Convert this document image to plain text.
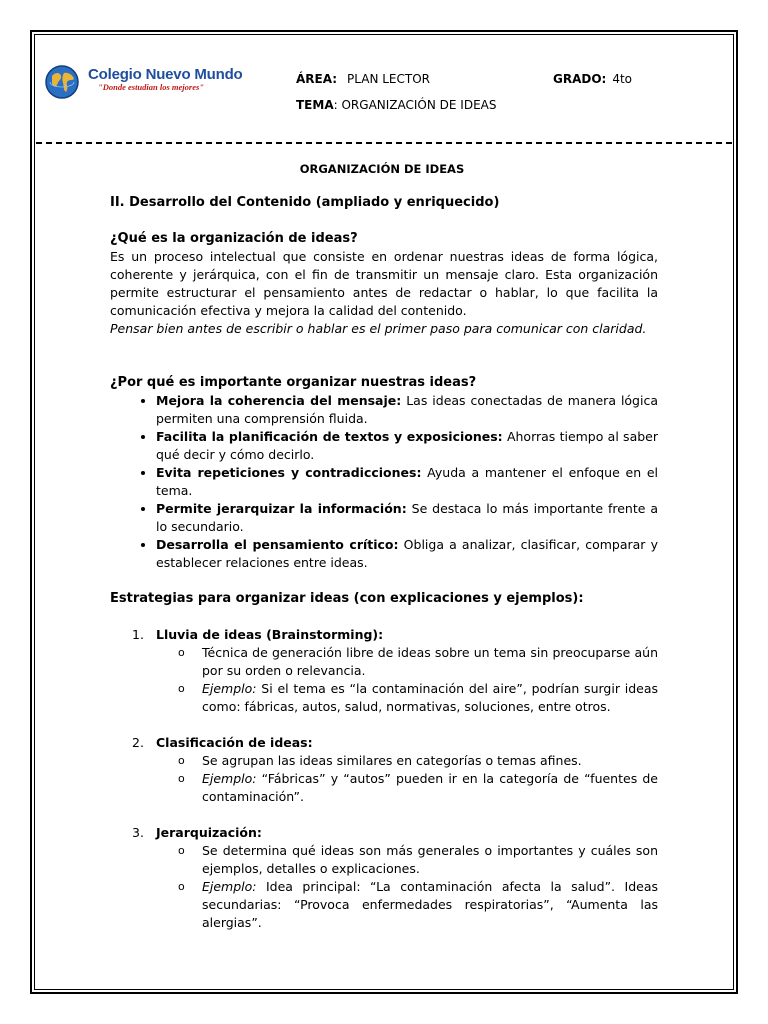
Colegio Nuevo Mundo
"Donde estudian los mejores"
ÁREA: PLAN LECTOR	GRADO: 4to
TEMA: ORGANIZACIÓN DE IDEAS
ORGANIZACIÓN DE IDEAS
II. Desarrollo del Contenido (ampliado y enriquecido)
¿Qué es la organización de ideas?
Es un proceso intelectual que consiste en ordenar nuestras ideas de forma lógica, coherente y jerárquica, con el fin de transmitir un mensaje claro. Esta organización permite estructurar el pensamiento antes de redactar o hablar, lo que facilita la comunicación efectiva y mejora la calidad del contenido.
Pensar bien antes de escribir o hablar es el primer paso para comunicar con claridad.
¿Por qué es importante organizar nuestras ideas?
• Mejora la coherencia del mensaje: Las ideas conectadas de manera lógica permiten una comprensión fluida.
• Facilita la planificación de textos y exposiciones: Ahorras tiempo al saber qué decir y cómo decirlo.
• Evita repeticiones y contradicciones: Ayuda a mantener el enfoque en el tema.
• Permite jerarquizar la información: Se destaca lo más importante frente a lo secundario.
• Desarrolla el pensamiento crítico: Obliga a analizar, clasificar, comparar y establecer relaciones entre ideas.
Estrategias para organizar ideas (con explicaciones y ejemplos):
1. Lluvia de ideas (Brainstorming):
o Técnica de generación libre de ideas sobre un tema sin preocuparse aún por su orden o relevancia.
o Ejemplo: Si el tema es “la contaminación del aire”, podrían surgir ideas como: fábricas, autos, salud, normativas, soluciones, entre otros.
2. Clasificación de ideas:
o Se agrupan las ideas similares en categorías o temas afines.
o Ejemplo: “Fábricas” y “autos” pueden ir en la categoría de “fuentes de contaminación”.
3. Jerarquización:
o Se determina qué ideas son más generales o importantes y cuáles son ejemplos, detalles o explicaciones.
o Ejemplo: Idea principal: “La contaminación afecta la salud”. Ideas secundarias: “Provoca enfermedades respiratorias”, “Aumenta las alergias”.
